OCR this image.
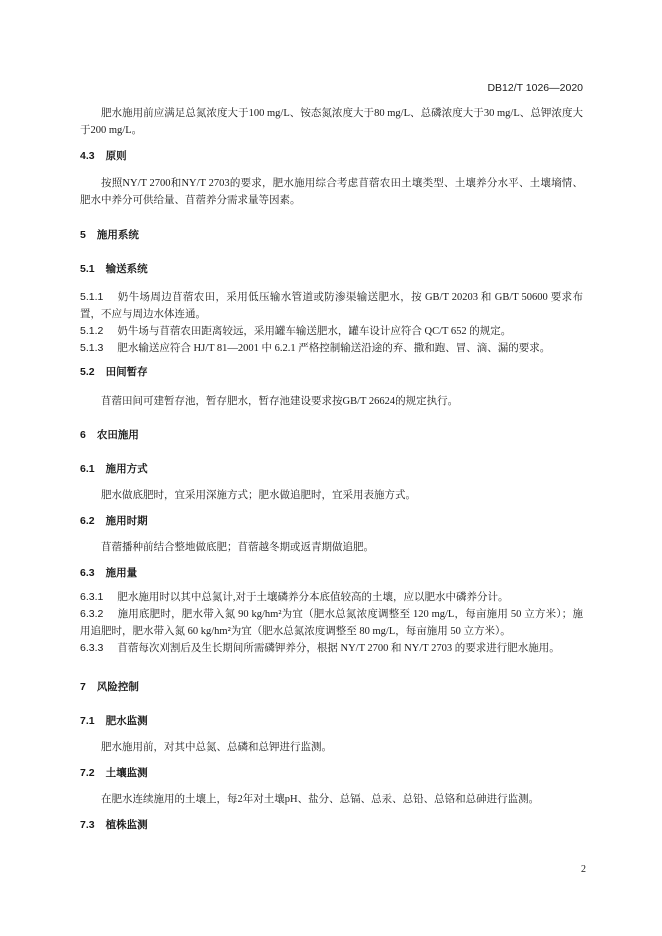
DB12/T 1026—2020

肥水施用前应满足总氮浓度大于100 mg/L、铵态氮浓度大于80 mg/L、总磷浓度大于30 mg/L、总钾浓度大于200 mg/L。

4.3 原则

按照NY/T 2700和NY/T 2703的要求，肥水施用综合考虑苜蓿农田土壤类型、土壤养分水平、土壤墒情、肥水中养分可供给量、苜蓿养分需求量等因素。

5 施用系统
5.1 输送系统

5.1.1 奶牛场周边苜蓿农田，采用低压输水管道或防渗渠输送肥水，按 GB/T 20203 和 GB/T 50600 要求布置，不应与周边水体连通。

5.1.2 奶牛场与苜蓿农田距离较远，采用罐车输送肥水，罐车设计应符合 QC/T 652 的规定。

5.1.3 肥水输送应符合 HJ/T 81—2001 中 6.2.1 严格控制输送沿途的弃、撒和跑、冒、滴、漏的要求。

5.2 田间暂存

苜蓿田间可建暂存池，暂存肥水，暂存池建设要求按GB/T 26624的规定执行。

6 农田施用
6.1 施用方式

肥水做底肥时，宜采用深施方式；肥水做追肥时，宜采用表施方式。

6.2 施用时期

苜蓿播种前结合整地做底肥；苜蓿越冬期或返青期做追肥。

6.3 施用量

6.3.1 肥水施用时以其中总氮计,对于土壤磷养分本底值较高的土壤，应以肥水中磷养分计。

6.3.2 施用底肥时，肥水带入氮 90 kg/hm²为宜（肥水总氮浓度调整至 120 mg/L，每亩施用 50 立方米）；施用追肥时，肥水带入氮 60 kg/hm²为宜（肥水总氮浓度调整至 80 mg/L，每亩施用 50 立方米）。

6.3.3 苜蓿每次刈割后及生长期间所需磷钾养分，根据 NY/T 2700 和 NY/T 2703 的要求进行肥水施用。

7 风险控制
7.1 肥水监测

肥水施用前，对其中总氮、总磷和总钾进行监测。

7.2 土壤监测

在肥水连续施用的土壤上，每2年对土壤pH、盐分、总镉、总汞、总铅、总铬和总砷进行监测。

7.3 植株监测

2
